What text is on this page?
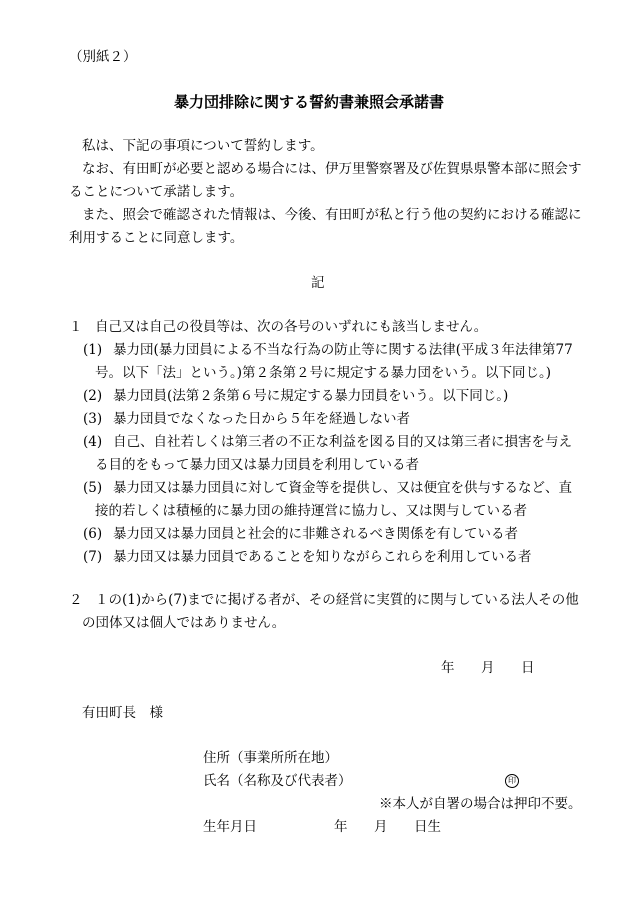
（別紙２）
暴力団排除に関する誓約書兼照会承諾書
私は、下記の事項について誓約します。
なお、有田町が必要と認める場合には、伊万里警察署及び佐賀県県警本部に照会す
ることについて承諾します。
また、照会で確認された情報は、今後、有田町が私と行う他の契約における確認に
利用することに同意します。
記
１ 自己又は自己の役員等は、次の各号のいずれにも該当しません。
(1) 暴力団(暴力団員による不当な行為の防止等に関する法律(平成３年法律第77
号。以下「法」という。)第２条第２号に規定する暴力団をいう。以下同じ。)
(2) 暴力団員(法第２条第６号に規定する暴力団員をいう。以下同じ。)
(3) 暴力団員でなくなった日から５年を経過しない者
(4) 自己、自社若しくは第三者の不正な利益を図る目的又は第三者に損害を与え
る目的をもって暴力団又は暴力団員を利用している者
(5) 暴力団又は暴力団員に対して資金等を提供し、又は便宜を供与するなど、直
接的若しくは積極的に暴力団の維持運営に協力し、又は関与している者
(6) 暴力団又は暴力団員と社会的に非難されるべき関係を有している者
(7) 暴力団又は暴力団員であることを知りながらこれらを利用している者
２ １の(1)から(7)までに掲げる者が、その経営に実質的に関与している法人その他
の団体又は個人ではありません。
年 月 日
有田町長　様
住所（事業所所在地）
氏名（名称及び代表者）	印
※本人が自署の場合は押印不要。
生年月日	年 月 日生
